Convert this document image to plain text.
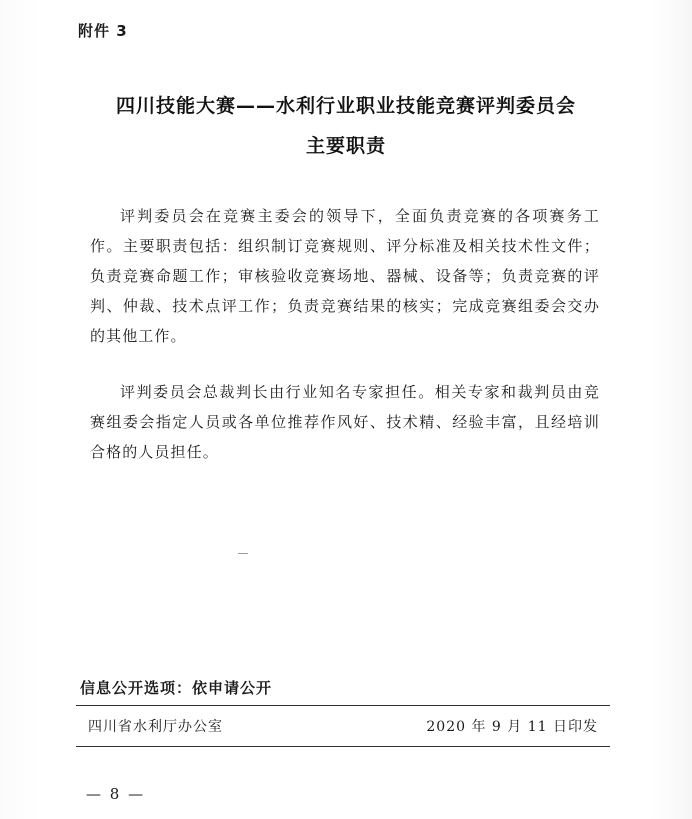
附件 3
四川技能大赛——水利行业职业技能竞赛评判委员会
主要职责

评判委员会在竞赛主委会的领导下，全面负责竞赛的各项赛务工作。主要职责包括：组织制订竞赛规则、评分标准及相关技术性文件；负责竞赛命题工作；审核验收竞赛场地、器械、设备等；负责竞赛的评判、仲裁、技术点评工作；负责竞赛结果的核实；完成竞赛组委会交办的其他工作。

评判委员会总裁判长由行业知名专家担任。相关专家和裁判员由竞赛组委会指定人员或各单位推荐作风好、技术精、经验丰富，且经培训合格的人员担任。

信息公开选项：依申请公开
四川省水利厅办公室	2020 年 9 月 11 日印发
— 8 —
